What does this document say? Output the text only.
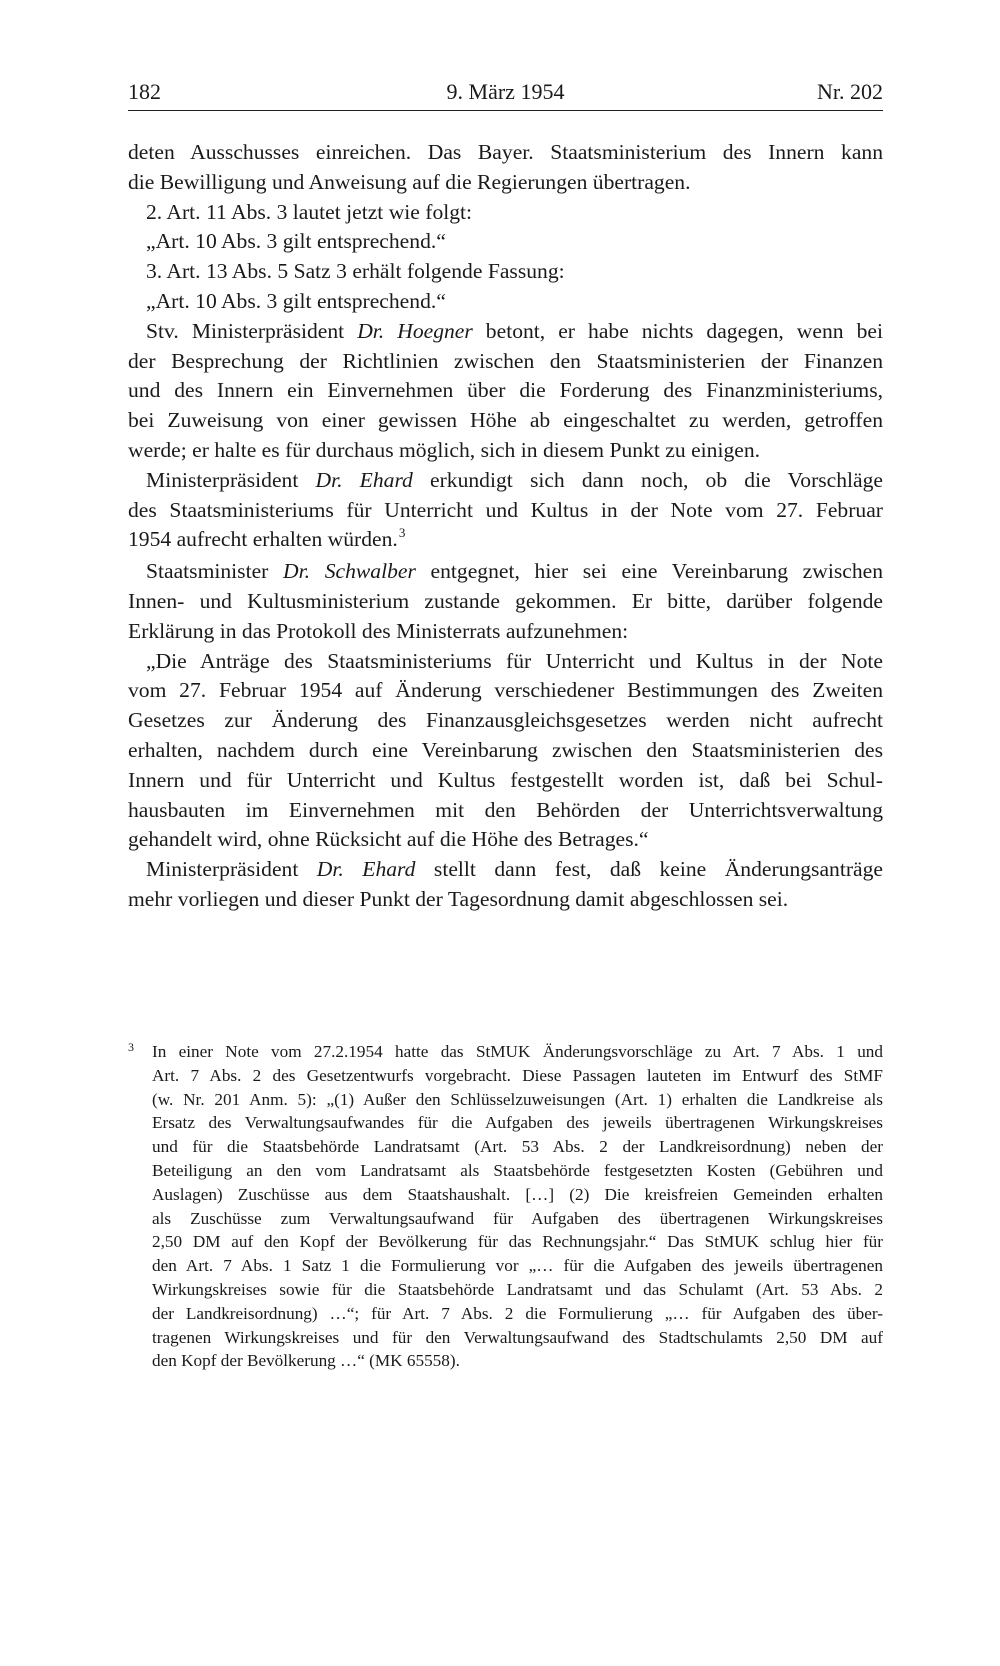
182	9. März 1954	Nr. 202
deten Ausschusses einreichen. Das Bayer. Staatsministerium des Innern kann
die Bewilligung und Anweisung auf die Regierungen übertragen.
2. Art. 11 Abs. 3 lautet jetzt wie folgt:
„Art. 10 Abs. 3 gilt entsprechend.“
3. Art. 13 Abs. 5 Satz 3 erhält folgende Fassung:
„Art. 10 Abs. 3 gilt entsprechend.“
Stv. Ministerpräsident Dr. Hoegner betont, er habe nichts dagegen, wenn bei
der Besprechung der Richtlinien zwischen den Staatsministerien der Finanzen
und des Innern ein Einvernehmen über die Forderung des Finanzministeriums,
bei Zuweisung von einer gewissen Höhe ab eingeschaltet zu werden, getroffen
werde; er halte es für durchaus möglich, sich in diesem Punkt zu einigen.
Ministerpräsident Dr. Ehard erkundigt sich dann noch, ob die Vorschläge
des Staatsministeriums für Unterricht und Kultus in der Note vom 27. Februar
1954 aufrecht erhalten würden.$^3$
Staatsminister Dr. Schwalber entgegnet, hier sei eine Vereinbarung zwischen
Innen- und Kultusministerium zustande gekommen. Er bitte, darüber folgende
Erklärung in das Protokoll des Ministerrats aufzunehmen:
„Die Anträge des Staatsministeriums für Unterricht und Kultus in der Note
vom 27. Februar 1954 auf Änderung verschiedener Bestimmungen des Zweiten
Gesetzes zur Änderung des Finanzausgleichsgesetzes werden nicht aufrecht
erhalten, nachdem durch eine Vereinbarung zwischen den Staatsministerien des
Innern und für Unterricht und Kultus festgestellt worden ist, daß bei Schul-
hausbauten im Einvernehmen mit den Behörden der Unterrichtsverwaltung
gehandelt wird, ohne Rücksicht auf die Höhe des Betrages.“
Ministerpräsident Dr. Ehard stellt dann fest, daß keine Änderungsanträge
mehr vorliegen und dieser Punkt der Tagesordnung damit abgeschlossen sei.
3 In einer Note vom 27.2.1954 hatte das StMUK Änderungsvorschläge zu Art. 7 Abs. 1 und
Art. 7 Abs. 2 des Gesetzentwurfs vorgebracht. Diese Passagen lauteten im Entwurf des StMF
(w. Nr. 201 Anm. 5): „(1) Außer den Schlüsselzuweisungen (Art. 1) erhalten die Landkreise als
Ersatz des Verwaltungsaufwandes für die Aufgaben des jeweils übertragenen Wirkungskreises
und für die Staatsbehörde Landratsamt (Art. 53 Abs. 2 der Landkreisordnung) neben der
Beteiligung an den vom Landratsamt als Staatsbehörde festgesetzten Kosten (Gebühren und
Auslagen) Zuschüsse aus dem Staatshaushalt. […] (2) Die kreisfreien Gemeinden erhalten
als Zuschüsse zum Verwaltungsaufwand für Aufgaben des übertragenen Wirkungskreises
2,50 DM auf den Kopf der Bevölkerung für das Rechnungsjahr.“ Das StMUK schlug hier für
den Art. 7 Abs. 1 Satz 1 die Formulierung vor „… für die Aufgaben des jeweils übertragenen
Wirkungskreises sowie für die Staatsbehörde Landratsamt und das Schulamt (Art. 53 Abs. 2
der Landkreisordnung) …“; für Art. 7 Abs. 2 die Formulierung „… für Aufgaben des über-
tragenen Wirkungskreises und für den Verwaltungsaufwand des Stadtschulamts 2,50 DM auf
den Kopf der Bevölkerung …“ (MK 65558).
